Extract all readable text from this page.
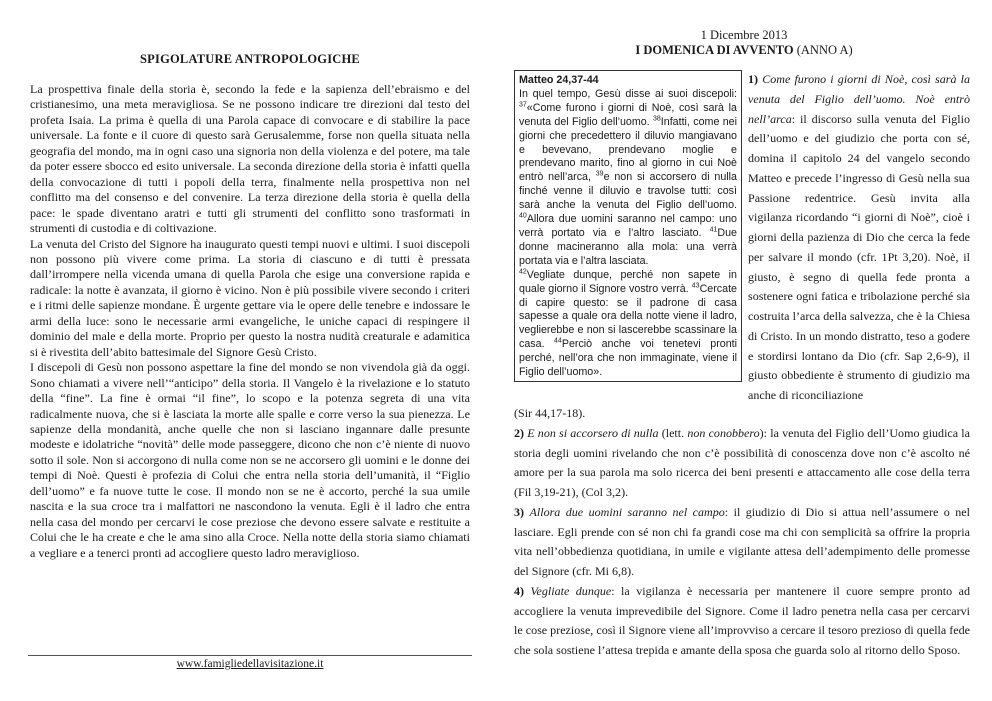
SPIGOLATURE ANTROPOLOGICHE

La prospettiva finale della storia è, secondo la fede e la sapienza dell’ebraismo e del cristianesimo, una meta meravigliosa. Se ne possono indicare tre direzioni dal testo del profeta Isaia. La prima è quella di una Parola capace di convocare e di stabilire la pace universale. La fonte e il cuore di questo sarà Gerusalemme, forse non quella situata nella geografia del mondo, ma in ogni caso una signoria non della violenza e del potere, ma tale da poter essere sbocco ed esito universale. La seconda direzione della storia è infatti quella della convocazione di tutti i popoli della terra, finalmente nella prospettiva non nel conflitto ma del consenso e del convenire. La terza direzione della storia è quella della pace: le spade diventano aratri e tutti gli strumenti del conflitto sono trasformati in strumenti di custodia e di coltivazione.

La venuta del Cristo del Signore ha inaugurato questi tempi nuovi e ultimi. I suoi discepoli non possono più vivere come prima. La storia di ciascuno e di tutti è pressata dall’irrompere nella vicenda umana di quella Parola che esige una conversione rapida e radicale: la notte è avanzata, il giorno è vicino. Non è più possibile vivere secondo i criteri e i ritmi delle sapienze mondane. È urgente gettare via le opere delle tenebre e indossare le armi della luce: sono le necessarie armi evangeliche, le uniche capaci di respingere il dominio del male e della morte. Proprio per questo la nostra nudità creaturale e adamitica si è rivestita dell’abito battesimale del Signore Gesù Cristo.

I discepoli di Gesù non possono aspettare la fine del mondo se non vivendola già da oggi. Sono chiamati a vivere nell’“anticipo” della storia. Il Vangelo è la rivelazione e lo statuto della “fine”. La fine è ormai “il fine”, lo scopo e la potenza segreta di una vita radicalmente nuova, che si è lasciata la morte alle spalle e corre verso la sua pienezza. Le sapienze della mondanità, anche quelle che non si lasciano ingannare dalle presunte modeste e idolatriche “novità” delle mode passeggere, dicono che non c’è niente di nuovo sotto il sole. Non si accorgono di nulla come non se ne accorsero gli uomini e le donne dei tempi di Noè. Questi è profezia di Colui che entra nella storia dell’umanità, il “Figlio dell’uomo” e fa nuove tutte le cose. Il mondo non se ne è accorto, perché la sua umile nascita e la sua croce tra i malfattori ne nascondono la venuta. Egli è il ladro che entra nella casa del mondo per cercarvi le cose preziose che devono essere salvate e restituite a Colui che le ha create e che le ama sino alla Croce. Nella notte della storia siamo chiamati a vegliare e a tenerci pronti ad accogliere questo ladro meraviglioso.

www.famigliedellavisitazione.it
1 Dicembre 2013
I DOMENICA DI AVVENTO (ANNO A)

Matteo 24,37-44

In quel tempo, Gesù disse ai suoi discepoli: $^{37}$«Come furono i giorni di Noè, così sarà la venuta del Figlio dell’uomo. $^{38}$Infatti, come nei giorni che precedettero il diluvio mangiavano e bevevano, prendevano moglie e prendevano marito, fino al giorno in cui Noè entrò nell’arca, $^{39}$e non si accorsero di nulla finché venne il diluvio e travolse tutti: così sarà anche la venuta del Figlio dell’uomo. $^{40}$Allora due uomini saranno nel campo: uno verrà portato via e l’altro lasciato. $^{41}$Due donne macineranno alla mola: una verrà portata via e l’altra lasciata.

$^{42}$Vegliate dunque, perché non sapete in quale giorno il Signore vostro verrà. $^{43}$Cercate di capire questo: se il padrone di casa sapesse a quale ora della notte viene il ladro, veglierebbe e non si lascerebbe scassinare la casa. $^{44}$Perciò anche voi tenetevi pronti perché, nell’ora che non immaginate, viene il Figlio dell’uomo».

1) Come furono i giorni di Noè, così sarà la venuta del Figlio dell’uomo. Noè entrò nell’arca: il discorso sulla venuta del Figlio dell’uomo e del giudizio che porta con sé, domina il capitolo 24 del vangelo secondo Matteo e precede l’ingresso di Gesù nella sua Passione redentrice. Gesù invita alla vigilanza ricordando “i giorni di Noè”, cioè i giorni della pazienza di Dio che cerca la fede per salvare il mondo (cfr. 1Pt 3,20). Noè, il giusto, è segno di quella fede pronta a sostenere ogni fatica e tribolazione perché sia costruita l’arca della salvezza, che è la Chiesa di Cristo. In un mondo distratto, teso a godere e stordirsi lontano da Dio (cfr. Sap 2,6-9), il giusto obbediente è strumento di giudizio ma anche di riconciliazione

(Sir 44,17-18).

2) E non si accorsero di nulla (lett. non conobbero): la venuta del Figlio dell’Uomo giudica la storia degli uomini rivelando che non c’è possibilità di conoscenza dove non c’è ascolto né amore per la sua parola ma solo ricerca dei beni presenti e attaccamento alle cose della terra (Fil 3,19-21), (Col 3,2).

3) Allora due uomini saranno nel campo: il giudizio di Dio si attua nell’assumere o nel lasciare. Egli prende con sé non chi fa grandi cose ma chi con semplicità sa offrire la propria vita nell’obbedienza quotidiana, in umile e vigilante attesa dell’adempimento delle promesse del Signore (cfr. Mi 6,8).

4) Vegliate dunque: la vigilanza è necessaria per mantenere il cuore sempre pronto ad accogliere la venuta imprevedibile del Signore. Come il ladro penetra nella casa per cercarvi le cose preziose, così il Signore viene all’improvviso a cercare il tesoro prezioso di quella fede che sola sostiene l’attesa trepida e amante della sposa che guarda solo al ritorno dello Sposo.
